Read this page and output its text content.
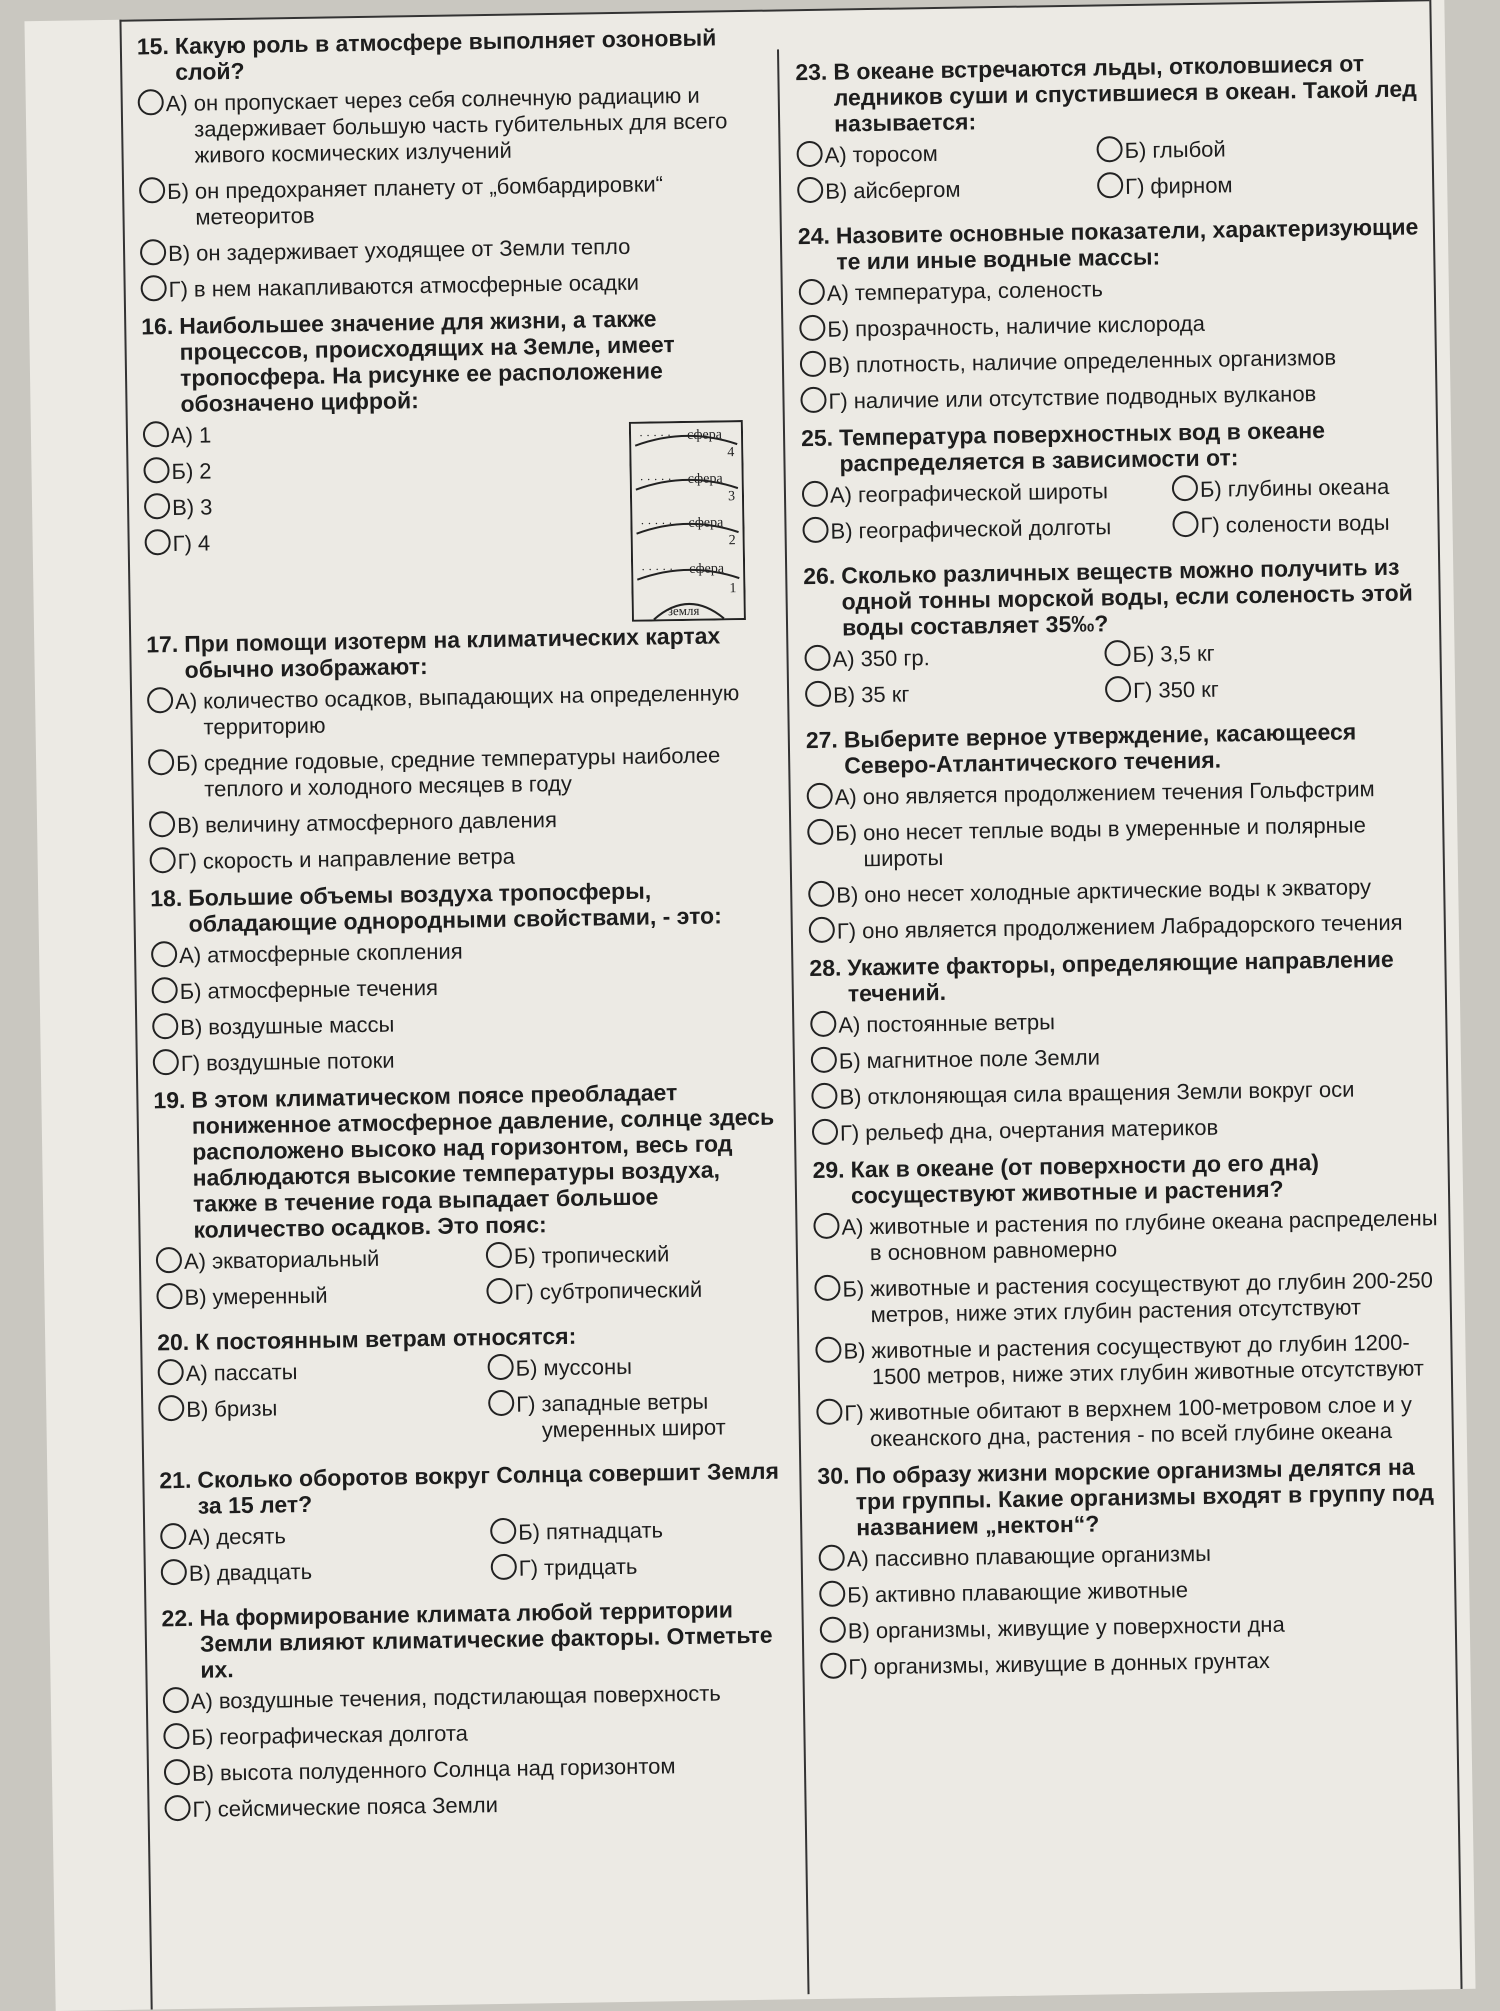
15. Какую роль в атмосфере выполняет озоновый слой?
А) он пропускает через себя солнечную радиацию и задерживает большую часть губительных для всего живого космических излучений
Б) он предохраняет планету от „бомбардировки“ метеоритов
В) он задерживает уходящее от Земли тепло
Г) в нем накапливаются атмосферные осадки
16. Наибольшее значение для жизни, а также процессов, происходящих на Земле, имеет тропосфера. На рисунке ее расположение обозначено цифрой:
А) 1
Б) 2
В) 3
Г) 4
· · · · · сфера
4
· · · · · сфера
3
· · · · · сфера
2
· · · · · сфера
1
земля
17. При помощи изотерм на климатических картах обычно изображают:
А) количество осадков, выпадающих на определенную территорию
Б) средние годовые, средние температуры наиболее теплого и холодного месяцев в году
В) величину атмосферного давления
Г) скорость и направление ветра
18. Большие объемы воздуха тропосферы, обладающие однородными свойствами, - это:
А) атмосферные скопления
Б) атмосферные течения
В) воздушные массы
Г) воздушные потоки
19. В этом климатическом поясе преобладает пониженное атмосферное давление, солнце здесь расположено высоко над горизонтом, весь год наблюдаются высокие температуры воздуха, также в течение года выпадает большое количество осадков. Это пояс:
А) экваториальный	Б) тропический
В) умеренный	Г) субтропический
20. К постоянным ветрам относятся:
А) пассаты	Б) муссоны
В) бризы	Г) западные ветры умеренных широт
21. Сколько оборотов вокруг Солнца совершит Земля за 15 лет?
А) десять	Б) пятнадцать
В) двадцать	Г) тридцать
22. На формирование климата любой территории Земли влияют климатические факторы. Отметьте их.
А) воздушные течения, подстилающая поверхность
Б) географическая долгота
В) высота полуденного Солнца над горизонтом
Г) сейсмические пояса Земли
23. В океане встречаются льды, отколовшиеся от ледников суши и спустившиеся в океан. Такой лед называется:
А) торосом	Б) глыбой
В) айсбергом	Г) фирном
24. Назовите основные показатели, характеризующие те или иные водные массы:
А) температура, соленость
Б) прозрачность, наличие кислорода
В) плотность, наличие определенных организмов
Г) наличие или отсутствие подводных вулканов
25. Температура поверхностных вод в океане распределяется в зависимости от:
А) географической широты	Б) глубины океана
В) географической долготы	Г) солености воды
26. Сколько различных веществ можно получить из одной тонны морской воды, если соленость этой воды составляет 35‰?
А) 350 гр.	Б) 3,5 кг
В) 35 кг	Г) 350 кг
27. Выберите верное утверждение, касающееся Северо-Атлантического течения.
А) оно является продолжением течения Гольфстрим
Б) оно несет теплые воды в умеренные и полярные широты
В) оно несет холодные арктические воды к экватору
Г) оно является продолжением Лабрадорского течения
28. Укажите факторы, определяющие направление течений.
А) постоянные ветры
Б) магнитное поле Земли
В) отклоняющая сила вращения Земли вокруг оси
Г) рельеф дна, очертания материков
29. Как в океане (от поверхности до его дна) сосуществуют животные и растения?
А) животные и растения по глубине океана распределены в основном равномерно
Б) животные и растения сосуществуют до глубин 200-250 метров, ниже этих глубин растения отсутствуют
В) животные и растения сосуществуют до глубин 1200-1500 метров, ниже этих глубин животные отсутствуют
Г) животные обитают в верхнем 100-метровом слое и у океанского дна, растения - по всей глубине океана
30. По образу жизни морские организмы делятся на три группы. Какие организмы входят в группу под названием „нектон“?
А) пассивно плавающие организмы
Б) активно плавающие животные
В) организмы, живущие у поверхности дна
Г) организмы, живущие в донных грунтах
